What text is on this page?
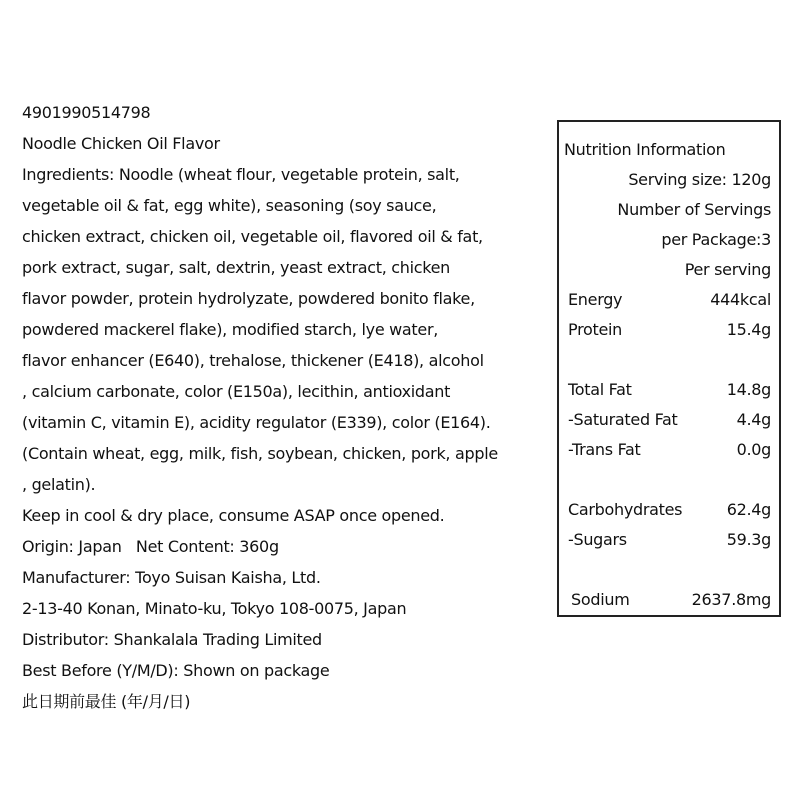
4901990514798
Noodle Chicken Oil Flavor
Ingredients: Noodle (wheat flour, vegetable protein, salt,
vegetable oil & fat, egg white), seasoning (soy sauce,
chicken extract, chicken oil, vegetable oil, flavored oil & fat,
pork extract, sugar, salt, dextrin, yeast extract, chicken
flavor powder, protein hydrolyzate, powdered bonito flake,
powdered mackerel flake), modified starch, lye water,
flavor enhancer (E640), trehalose, thickener (E418), alcohol
, calcium carbonate, color (E150a), lecithin, antioxidant
(vitamin C, vitamin E), acidity regulator (E339), color (E164).
(Contain wheat, egg, milk, fish, soybean, chicken, pork, apple
, gelatin).
Keep in cool & dry place, consume ASAP once opened.
Origin: Japan   Net Content: 360g
Manufacturer: Toyo Suisan Kaisha, Ltd.
2-13-40 Konan, Minato-ku, Tokyo 108-0075, Japan
Distributor: Shankalala Trading Limited
Best Before (Y/M/D): Shown on package
此日期前最佳 (年/月/日)
Nutrition Information
Serving size: 120g
Number of Servings
per Package:3
Per serving
Energy	444kcal
Protein	15.4g
Total Fat	14.8g
-Saturated Fat	4.4g
-Trans Fat	0.0g
Carbohydrates	62.4g
-Sugars	59.3g
Sodium	2637.8mg
